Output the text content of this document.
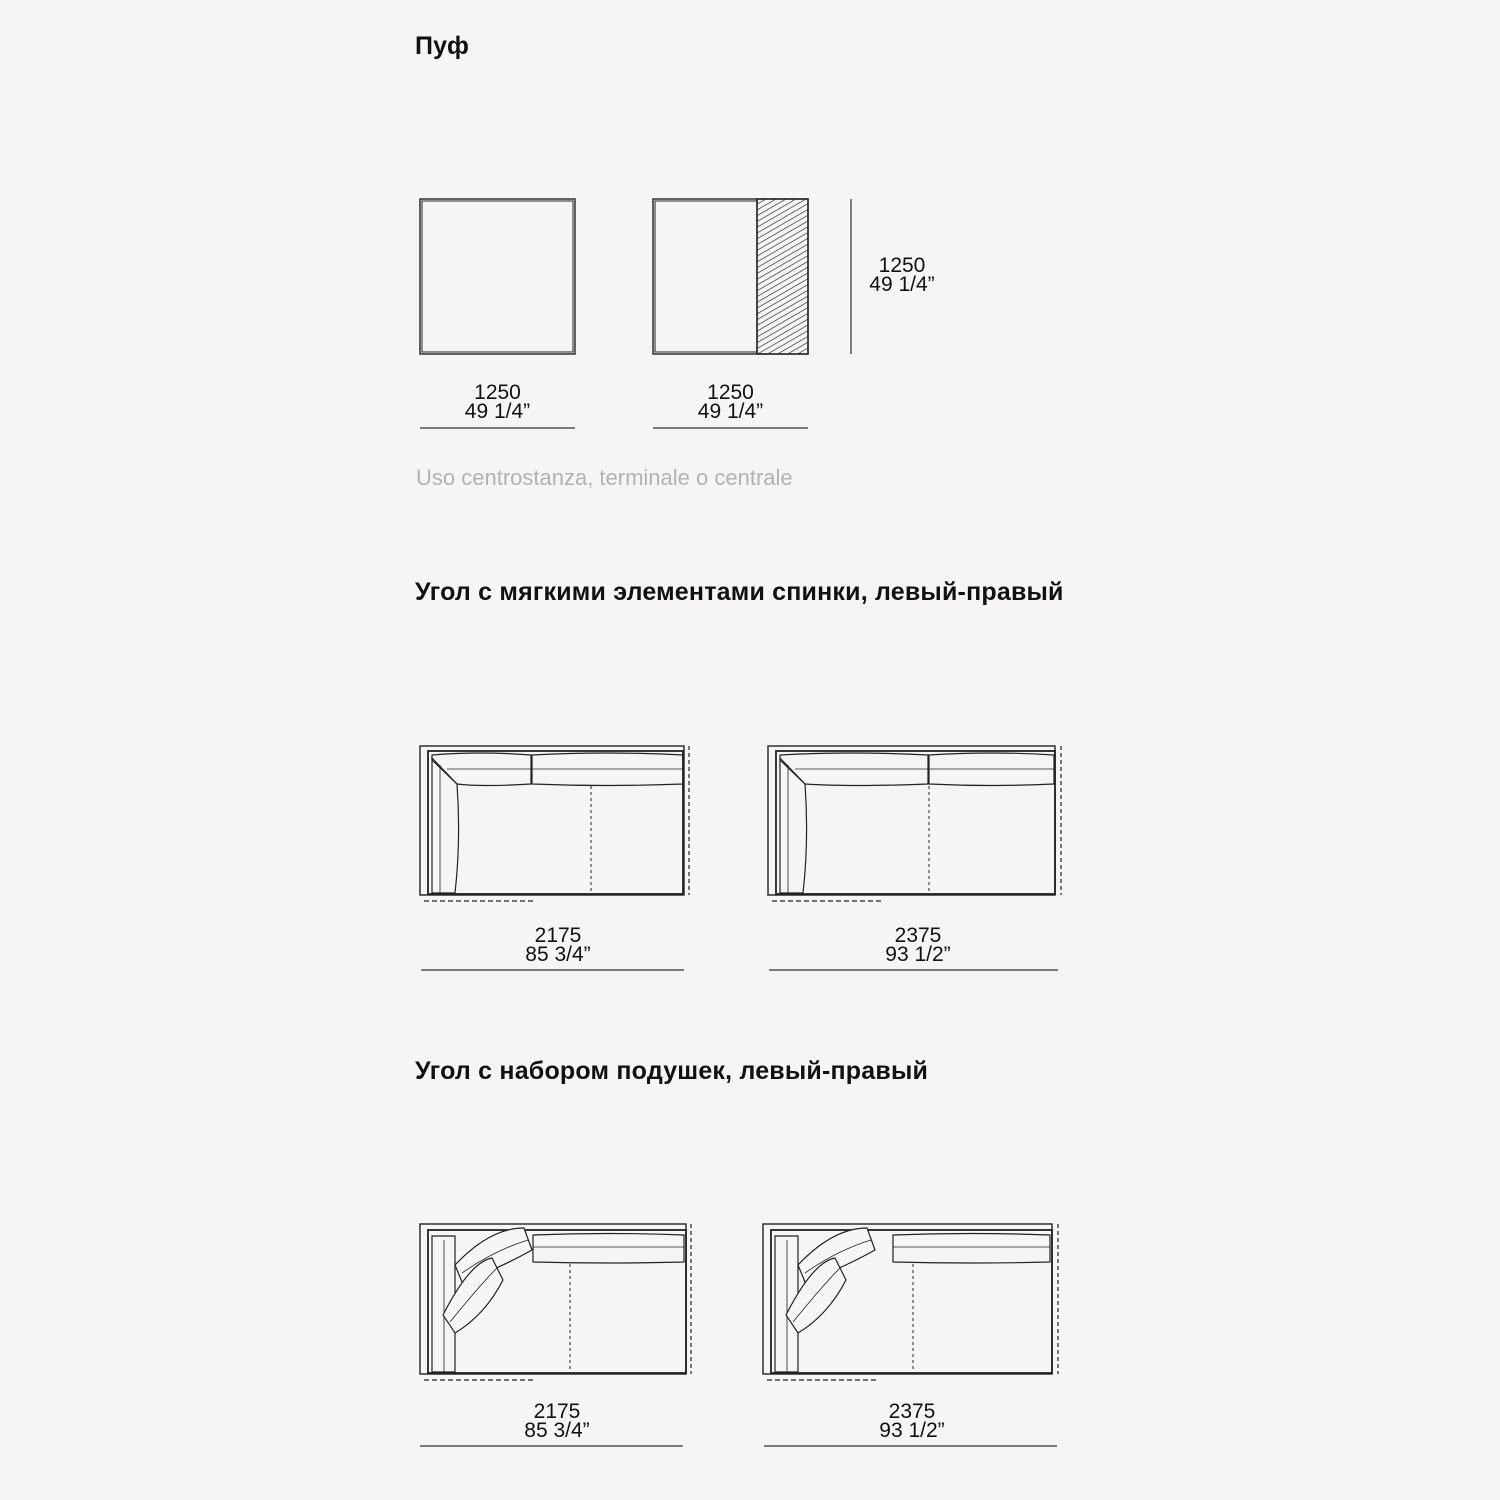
Пуф
Угол с мягкими элементами спинки, левый-правый
Угол с набором подушек, левый-правый

Uso centrostanza, terminale o centrale

1250
49 1/4”
1250
49 1/4”
1250
49 1/4”
2175
85 3/4”
2375
93 1/2”
2175
85 3/4”
2375
93 1/2”
